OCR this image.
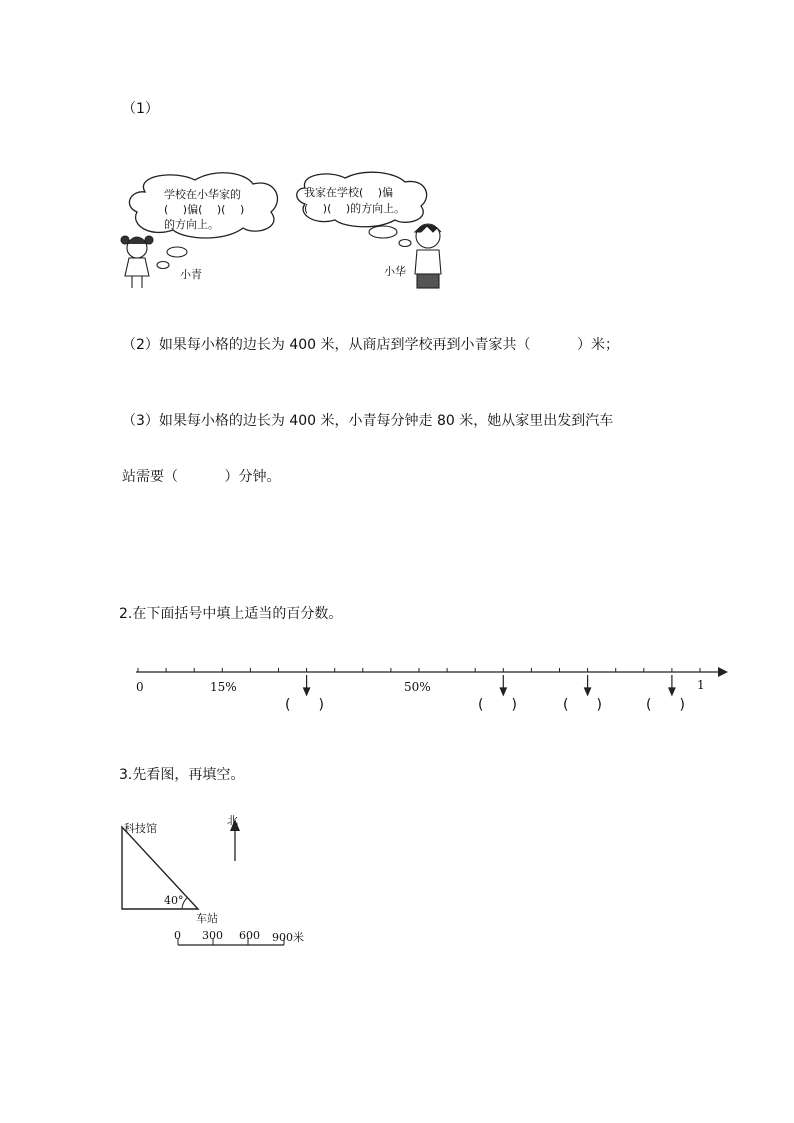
（1）
学校在小华家的
(　 )偏(　 )(　 )
的方向上。
我家在学校(　 )偏
(　 )(　 )的方向上。
小青	小华
（2）如果每小格的边长为 400 米，从商店到学校再到小青家共（　　　 ）米；
（3）如果每小格的边长为 400 米，小青每分钟走 80 米，她从家里出发到汽车
站需要（　　　 ）分钟。
2.在下面括号中填上适当的百分数。
0	15%	50%	1
(　　)	(　　)	(　　)	(　　)
3.先看图，再填空。
科技馆
北
40°
车站
0 300 600 900米
